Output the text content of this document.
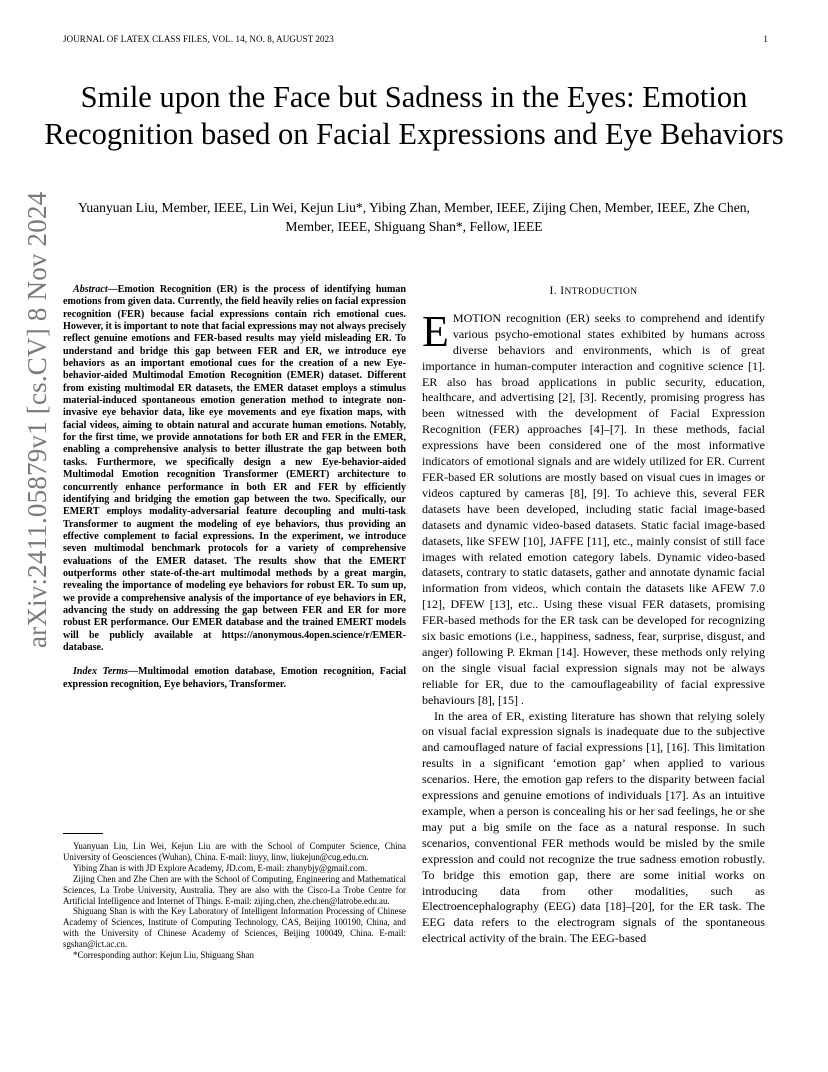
JOURNAL OF LATEX CLASS FILES, VOL. 14, NO. 8, AUGUST 2023	1
arXiv:2411.05879v1 [cs.CV] 8 Nov 2024
Smile upon the Face but Sadness in the Eyes: Emotion Recognition based on Facial Expressions and Eye Behaviors
Yuanyuan Liu, Member, IEEE, Lin Wei, Kejun Liu*, Yibing Zhan, Member, IEEE, Zijing Chen, Member, IEEE, Zhe Chen, Member, IEEE, Shiguang Shan*, Fellow, IEEE

Abstract—Emotion Recognition (ER) is the process of identifying human emotions from given data. Currently, the field heavily relies on facial expression recognition (FER) because facial expressions contain rich emotional cues. However, it is important to note that facial expressions may not always precisely reflect genuine emotions and FER-based results may yield misleading ER. To understand and bridge this gap between FER and ER, we introduce eye behaviors as an important emotional cues for the creation of a new Eye-behavior-aided Multimodal Emotion Recognition (EMER) dataset. Different from existing multimodal ER datasets, the EMER dataset employs a stimulus material-induced spontaneous emotion generation method to integrate non-invasive eye behavior data, like eye movements and eye fixation maps, with facial videos, aiming to obtain natural and accurate human emotions. Notably, for the first time, we provide annotations for both ER and FER in the EMER, enabling a comprehensive analysis to better illustrate the gap between both tasks. Furthermore, we specifically design a new Eye-behavior-aided Multimodal Emotion recognition Transformer (EMERT) architecture to concurrently enhance performance in both ER and FER by efficiently identifying and bridging the emotion gap between the two. Specifically, our EMERT employs modality-adversarial feature decoupling and multi-task Transformer to augment the modeling of eye behaviors, thus providing an effective complement to facial expressions. In the experiment, we introduce seven multimodal benchmark protocols for a variety of comprehensive evaluations of the EMER dataset. The results show that the EMERT outperforms other state-of-the-art multimodal methods by a great margin, revealing the importance of modeling eye behaviors for robust ER. To sum up, we provide a comprehensive analysis of the importance of eye behaviors in ER, advancing the study on addressing the gap between FER and ER for more robust ER performance. Our EMER database and the trained EMERT models will be publicly available at https://anonymous.4open.science/r/EMER-database.

Index Terms—Multimodal emotion database, Emotion recognition, Facial expression recognition, Eye behaviors, Transformer.

Yuanyuan Liu, Lin Wei, Kejun Liu are with the School of Computer Science, China University of Geosciences (Wuhan), China. E-mail: liuyy, linw, liukejun@cug.edu.cn.

Yibing Zhan is with JD Explore Academy, JD.com, E-mail: zhanybjy@gmail.com.

Zijing Chen and Zhe Chen are with the School of Computing, Engineering and Mathematical Sciences, La Trobe University, Australia. They are also with the Cisco-La Trobe Centre for Artificial Intelligence and Internet of Things. E-mail: zijing.chen, zhe.chen@latrobe.edu.au.

Shiguang Shan is with the Key Laboratory of Intelligent Information Processing of Chinese Academy of Sciences, Institute of Computing Technology, CAS, Beijing 100190, China, and with the University of Chinese Academy of Sciences, Beijing 100049, China. E-mail: sgshan@ict.ac.cn.

*Corresponding author: Kejun Liu, Shiguang Shan

I. INTRODUCTION

EMOTION recognition (ER) seeks to comprehend and identify various psycho-emotional states exhibited by humans across diverse behaviors and environments, which is of great importance in human-computer interaction and cognitive science [1]. ER also has broad applications in public security, education, healthcare, and advertising [2], [3]. Recently, promising progress has been witnessed with the development of Facial Expression Recognition (FER) approaches [4]–[7]. In these methods, facial expressions have been considered one of the most informative indicators of emotional signals and are widely utilized for ER. Current FER-based ER solutions are mostly based on visual cues in images or videos captured by cameras [8], [9]. To achieve this, several FER datasets have been developed, including static facial image-based datasets and dynamic video-based datasets. Static facial image-based datasets, like SFEW [10], JAFFE [11], etc., mainly consist of still face images with related emotion category labels. Dynamic video-based datasets, contrary to static datasets, gather and annotate dynamic facial information from videos, which contain the datasets like AFEW 7.0 [12], DFEW [13], etc.. Using these visual FER datasets, promising FER-based methods for the ER task can be developed for recognizing six basic emotions (i.e., happiness, sadness, fear, surprise, disgust, and anger) following P. Ekman [14]. However, these methods only relying on the single visual facial expression signals may not be always reliable for ER, due to the camouflageability of facial expressive behaviours [8], [15] .

In the area of ER, existing literature has shown that relying solely on visual facial expression signals is inadequate due to the subjective and camouflaged nature of facial expressions [1], [16]. This limitation results in a significant ‘emotion gap’ when applied to various scenarios. Here, the emotion gap refers to the disparity between facial expressions and genuine emotions of individuals [17]. As an intuitive example, when a person is concealing his or her sad feelings, he or she may put a big smile on the face as a natural response. In such scenarios, conventional FER methods would be misled by the smile expression and could not recognize the true sadness emotion robustly. To bridge this emotion gap, there are some initial works on introducing data from other modalities, such as Electroencephalography (EEG) data [18]–[20], for the ER task. The EEG data refers to the electrogram signals of the spontaneous electrical activity of the brain. The EEG-based
